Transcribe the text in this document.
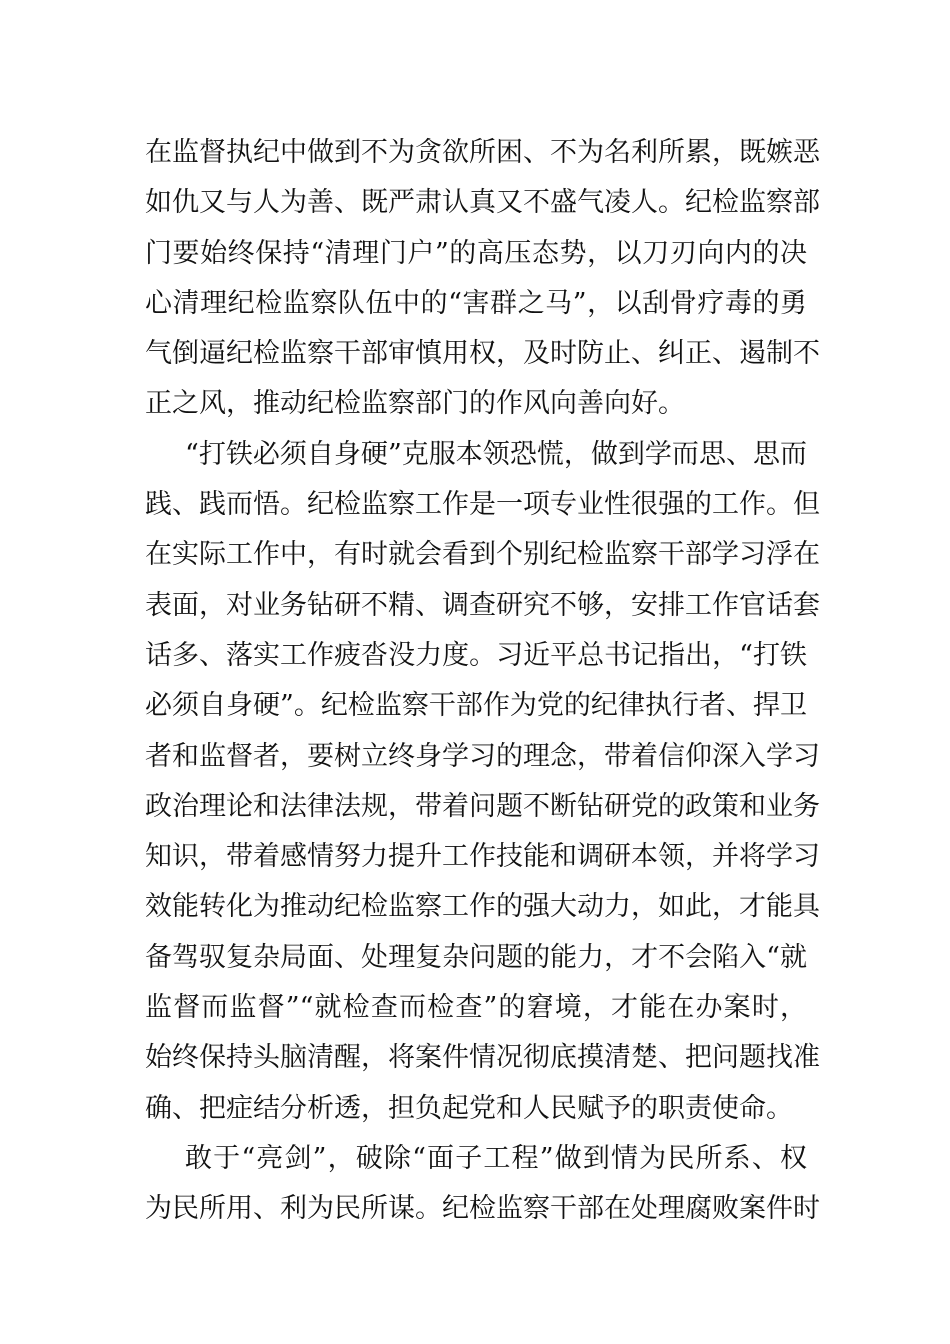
在监督执纪中做到不为贪欲所困、不为名利所累，既嫉恶
如仇又与人为善、既严肃认真又不盛气凌人。纪检监察部
门要始终保持“清理门户”的高压态势，以刀刃向内的决
心清理纪检监察队伍中的“害群之马”，以刮骨疗毒的勇
气倒逼纪检监察干部审慎用权，及时防止、纠正、遏制不
正之风，推动纪检监察部门的作风向善向好。
“打铁必须自身硬”克服本领恐慌，做到学而思、思而
践、践而悟。纪检监察工作是一项专业性很强的工作。但
在实际工作中，有时就会看到个别纪检监察干部学习浮在
表面，对业务钻研不精、调查研究不够，安排工作官话套
话多、落实工作疲沓没力度。习近平总书记指出，“打铁
必须自身硬”。纪检监察干部作为党的纪律执行者、捍卫
者和监督者，要树立终身学习的理念，带着信仰深入学习
政治理论和法律法规，带着问题不断钻研党的政策和业务
知识，带着感情努力提升工作技能和调研本领，并将学习
效能转化为推动纪检监察工作的强大动力，如此，才能具
备驾驭复杂局面、处理复杂问题的能力，才不会陷入“就
监督而监督”“就检查而检查”的窘境，才能在办案时，
始终保持头脑清醒，将案件情况彻底摸清楚、把问题找准
确、把症结分析透，担负起党和人民赋予的职责使命。
敢于“亮剑”，破除“面子工程”做到情为民所系、权
为民所用、利为民所谋。纪检监察干部在处理腐败案件时
